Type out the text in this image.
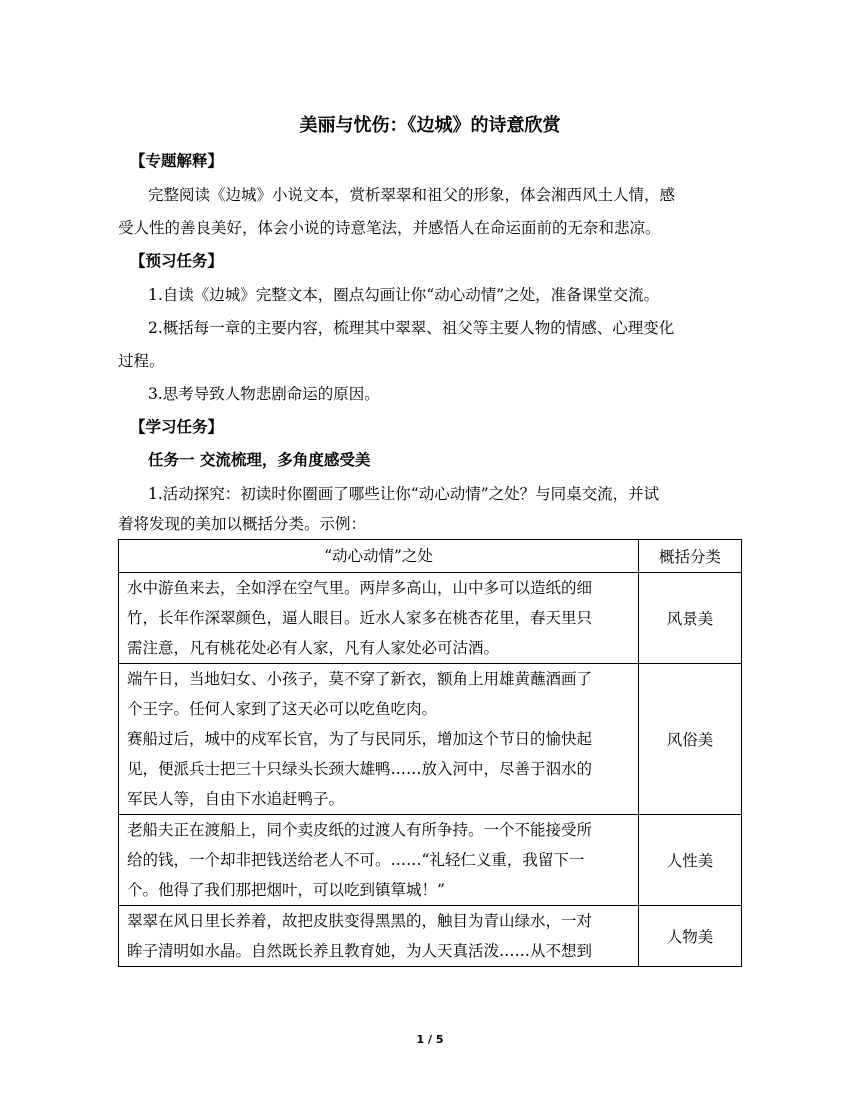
美丽与忧伤：《边城》的诗意欣赏
【专题解释】
完整阅读《边城》小说文本，赏析翠翠和祖父的形象，体会湘西风土人情，感
受人性的善良美好，体会小说的诗意笔法，并感悟人在命运面前的无奈和悲凉。
【预习任务】
1.自读《边城》完整文本，圈点勾画让你“动心动情”之处，准备课堂交流。
2.概括每一章的主要内容，梳理其中翠翠、祖父等主要人物的情感、心理变化
过程。
3.思考导致人物悲剧命运的原因。
【学习任务】
任务一 交流梳理，多角度感受美
1.活动探究：初读时你圈画了哪些让你“动心动情”之处？与同桌交流，并试
着将发现的美加以概括分类。示例：
“动心动情”之处	概括分类

水中游鱼来去，全如浮在空气里。两岸多高山，山中多可以造纸的细

竹，长年作深翠颜色，逼人眼目。近水人家多在桃杏花里，春天里只

需注意，凡有桃花处必有人家，凡有人家处必可沽酒。	风景美

端午日，当地妇女、小孩子，莫不穿了新衣，额角上用雄黄蘸酒画了

个王字。任何人家到了这天必可以吃鱼吃肉。

赛船过后，城中的戍军长官，为了与民同乐，增加这个节日的愉快起

见，便派兵士把三十只绿头长颈大雄鸭……放入河中，尽善于泅水的

军民人等，自由下水追赶鸭子。	风俗美

老船夫正在渡船上，同个卖皮纸的过渡人有所争持。一个不能接受所

给的钱，一个却非把钱送给老人不可。……“礼轻仁义重，我留下一

个。他得了我们那把烟叶，可以吃到镇筸城！”	人性美

翠翠在风日里长养着，故把皮肤变得黑黑的，触目为青山绿水，一对

眸子清明如水晶。自然既长养且教育她，为人天真活泼……从不想到	人物美
1 / 5
